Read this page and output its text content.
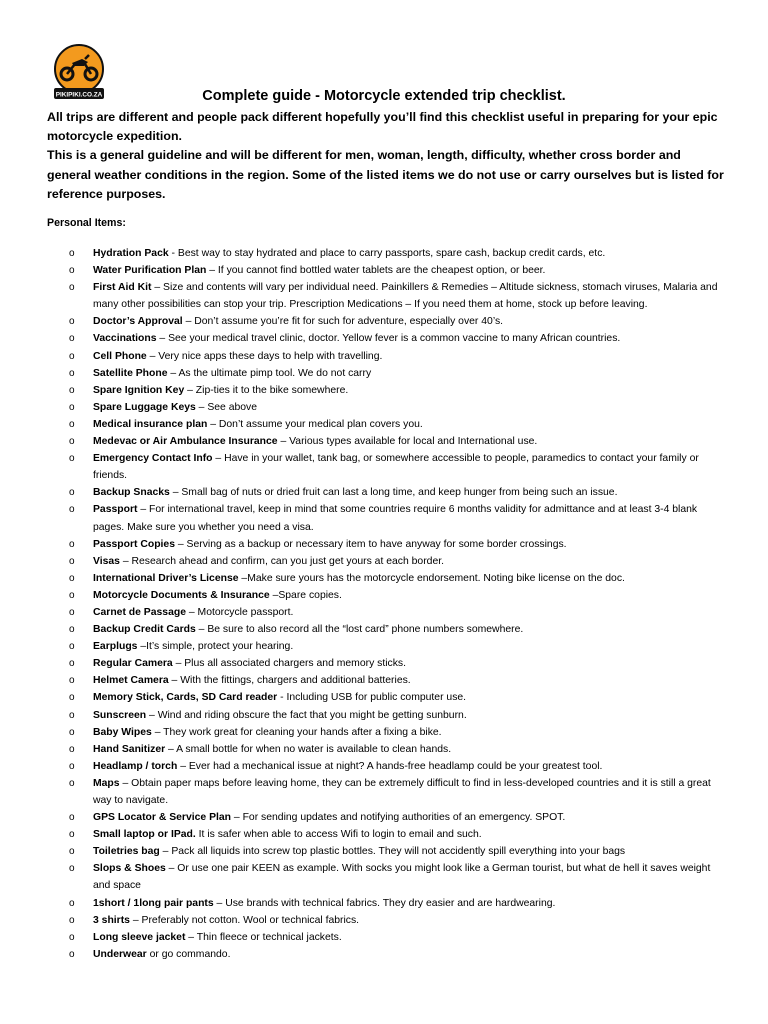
PIKIPIKI.CO.ZA	Complete guide - Motorcycle extended trip checklist.

All trips are different and people pack different hopefully you’ll find this checklist useful in preparing for your epic motorcycle expedition.

This is a general guideline and will be different for men, woman, length, difficulty, whether cross border and general weather conditions in the region. Some of the listed items we do not use or carry ourselves but is listed for reference purposes.

Personal Items:
o Hydration Pack - Best way to stay hydrated and place to carry passports, spare cash, backup credit cards, etc.
o Water Purification Plan – If you cannot find bottled water tablets are the cheapest option, or beer.
o First Aid Kit – Size and contents will vary per individual need. Painkillers & Remedies – Altitude sickness, stomach viruses, Malaria and many other possibilities can stop your trip. Prescription Medications – If you need them at home, stock up before leaving.
o Doctor’s Approval – Don’t assume you’re fit for such for adventure, especially over 40’s.
o Vaccinations – See your medical travel clinic, doctor. Yellow fever is a common vaccine to many African countries.
o Cell Phone – Very nice apps these days to help with travelling.
o Satellite Phone – As the ultimate pimp tool. We do not carry
o Spare Ignition Key – Zip-ties it to the bike somewhere.
o Spare Luggage Keys – See above
o Medical insurance plan – Don’t assume your medical plan covers you.
o Medevac or Air Ambulance Insurance – Various types available for local and International use.
o Emergency Contact Info – Have in your wallet, tank bag, or somewhere accessible to people, paramedics to contact your family or friends.
o Backup Snacks – Small bag of nuts or dried fruit can last a long time, and keep hunger from being such an issue.
o Passport – For international travel, keep in mind that some countries require 6 months validity for admittance and at least 3-4 blank pages. Make sure you whether you need a visa.
o Passport Copies – Serving as a backup or necessary item to have anyway for some border crossings.
o Visas – Research ahead and confirm, can you just get yours at each border.
o International Driver’s License –Make sure yours has the motorcycle endorsement. Noting bike license on the doc.
o Motorcycle Documents & Insurance –Spare copies.
o Carnet de Passage – Motorcycle passport.
o Backup Credit Cards – Be sure to also record all the “lost card” phone numbers somewhere.
o Earplugs –It’s simple, protect your hearing.
o Regular Camera – Plus all associated chargers and memory sticks.
o Helmet Camera – With the fittings, chargers and additional batteries.
o Memory Stick, Cards, SD Card reader - Including USB for public computer use.
o Sunscreen – Wind and riding obscure the fact that you might be getting sunburn.
o Baby Wipes – They work great for cleaning your hands after a fixing a bike.
o Hand Sanitizer – A small bottle for when no water is available to clean hands.
o Headlamp / torch – Ever had a mechanical issue at night? A hands-free headlamp could be your greatest tool.
o Maps – Obtain paper maps before leaving home, they can be extremely difficult to find in less-developed countries and it is still a great way to navigate.
o GPS Locator & Service Plan – For sending updates and notifying authorities of an emergency. SPOT.
o Small laptop or IPad. It is safer when able to access Wifi to login to email and such.
o Toiletries bag – Pack all liquids into screw top plastic bottles. They will not accidently spill everything into your bags
o Slops & Shoes – Or use one pair KEEN as example. With socks you might look like a German tourist, but what de hell it saves weight and space
o 1short / 1long pair pants – Use brands with technical fabrics. They dry easier and are hardwearing.
o 3 shirts – Preferably not cotton. Wool or technical fabrics.
o Long sleeve jacket – Thin fleece or technical jackets.
o Underwear or go commando.
